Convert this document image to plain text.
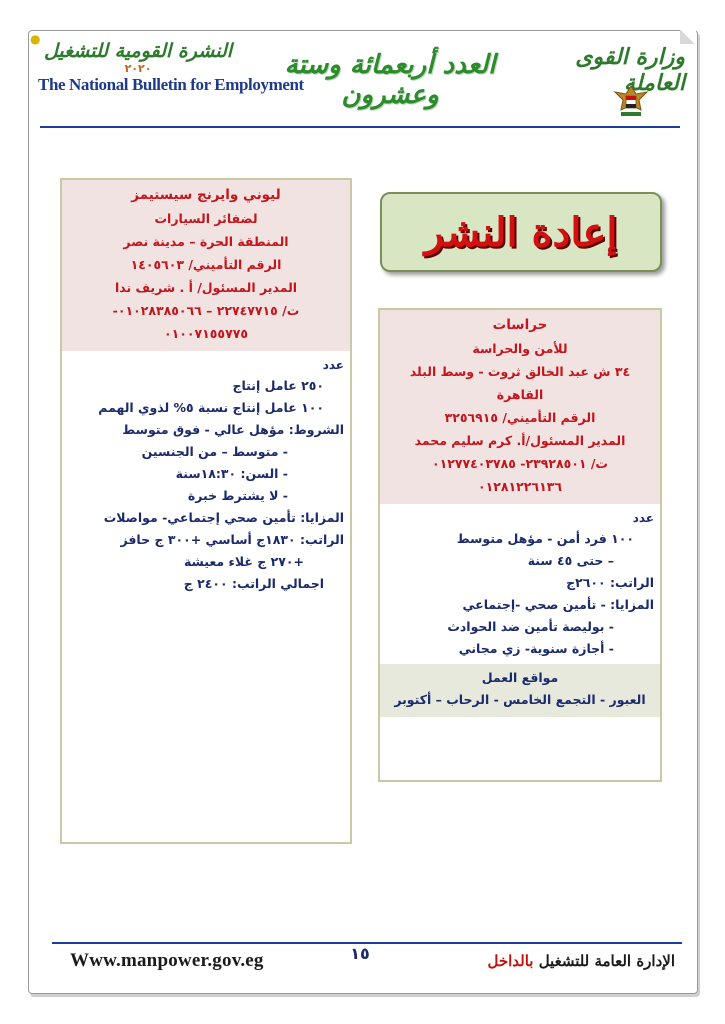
●
وزارة القوى العاملة
العدد أربعمائة وستة وعشرون
النشرة القومية للتشغيل
٢٠٢٠
The National Bulletin for Employment
إعادة النشر
ليوني وايرنج سيستيمز
لضفائر السيارات
المنطقة الحرة – مدينة نصر
الرقم التأميني/ ١٤٠٥٦٠٣
المدير المسئول/ أ . شريف ندا
ت/ ٢٢٧٤٧٧١٥ – ٠١٠٢٨٣٨٥٠٦٦-
٠١٠٠٧١٥٥٧٧٥
عدد
٢٥٠ عامل إنتاج
١٠٠ عامل إنتاج نسبة ٥% لذوي الهمم
الشروط: مؤهل عالي - فوق متوسط
- متوسط – من الجنسين
- السن: ١٨:٣٠سنة
- لا يشترط خبرة
المزايا: تأمين صحي إجتماعي- مواصلات
الراتب: ١٨٣٠ج أساسي +٣٠٠ ج حافز
+٢٧٠ ج غلاء معيشة
اجمالي الراتب: ٢٤٠٠ ج
حراسات
للأمن والحراسة
٣٤ ش عبد الخالق ثروت - وسط البلد
القاهرة
الرقم التأميني/ ٣٢٥٦٩١٥
المدير المسئول/أ. كرم سليم محمد
ت/ ٢٣٩٢٨٥٠١- ٠١٢٧٧٤٠٣٧٨٥
٠١٢٨١٢٢٦١٣٦
عدد
١٠٠ فرد أمن - مؤهل متوسط
– حتى ٤٥ سنة
الراتب: ٢٦٠٠ج
المزايا: - تأمين صحي -إجتماعي
- بوليصة تأمين ضد الحوادث
- أجازة سنوية- زي مجاني
مواقع العمل
العبور - التجمع الخامس - الرحاب – أكتوبر
١٥
Www.manpower.gov.eg	الإدارة العامة للتشغيل بالداخل
